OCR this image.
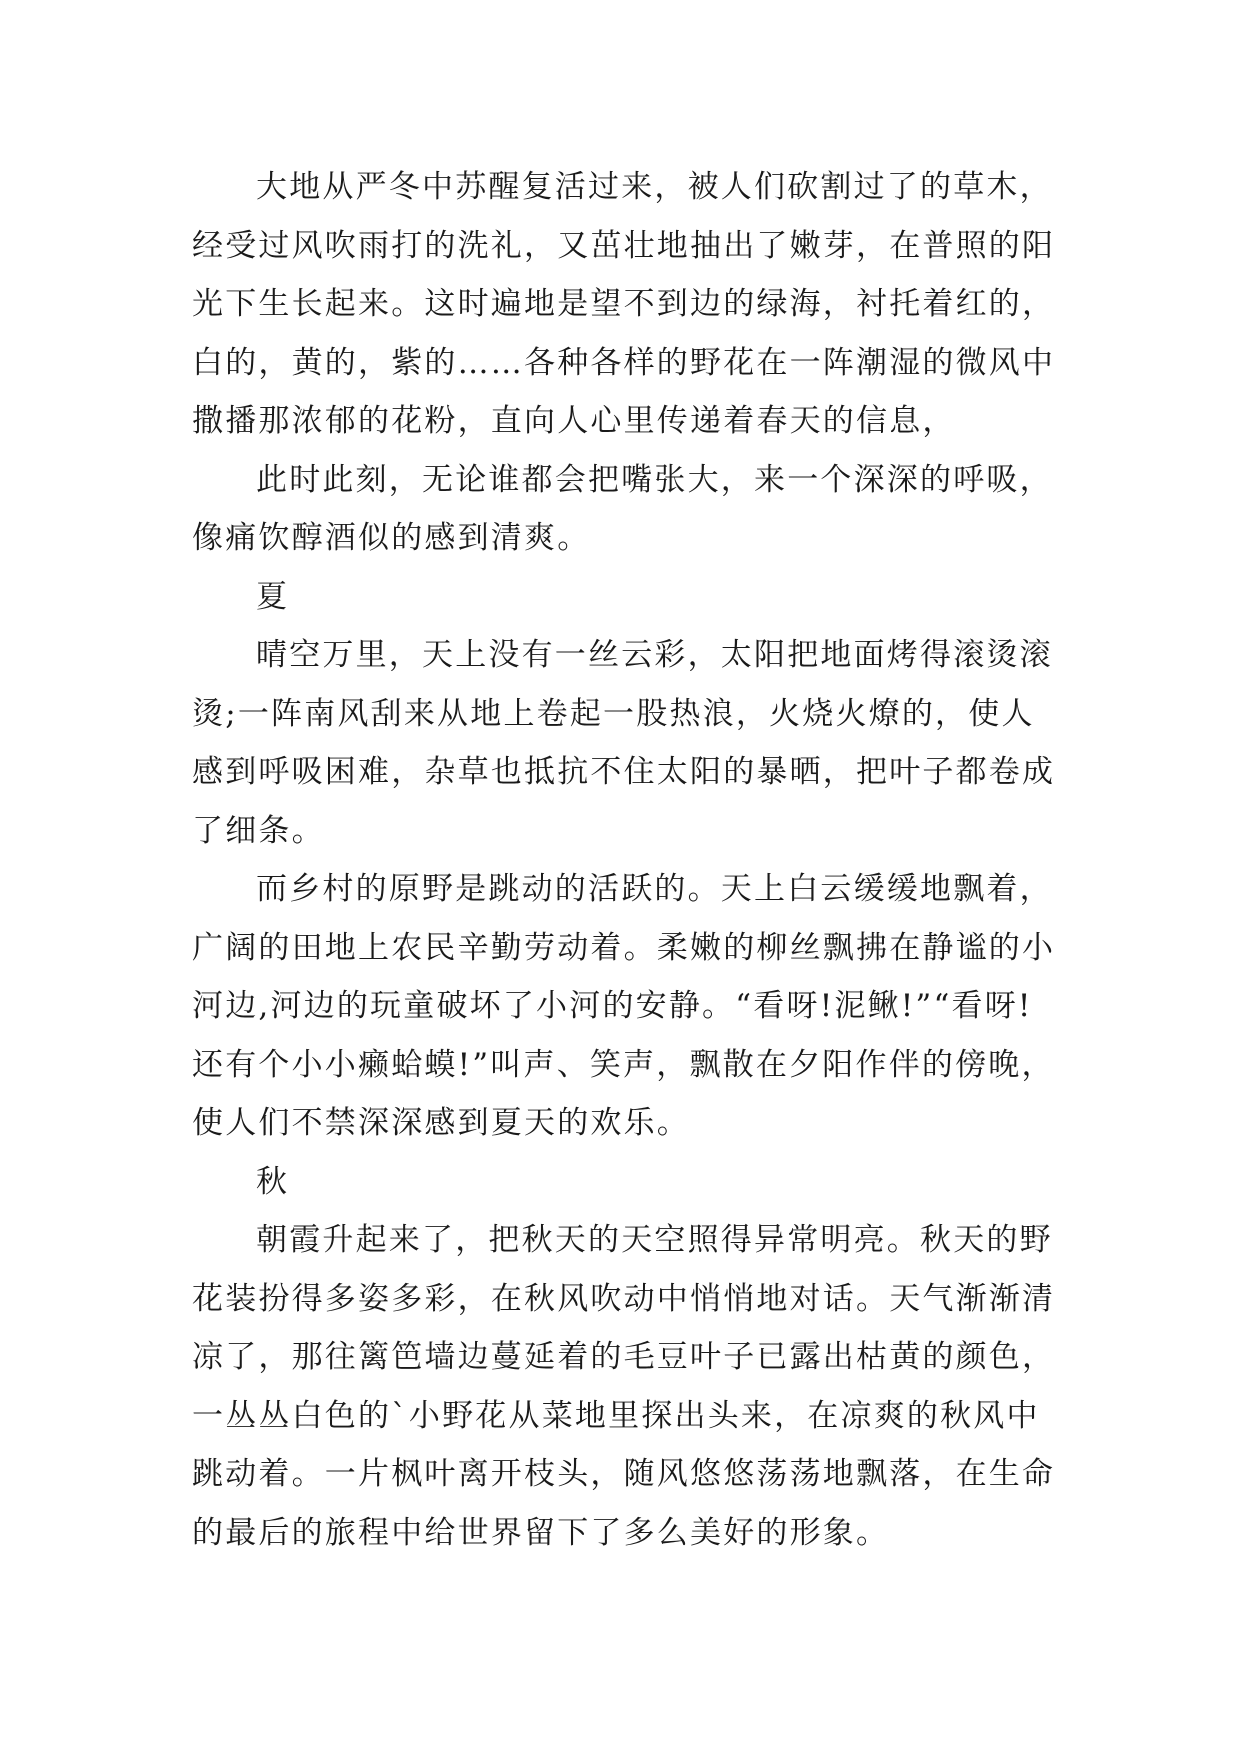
大地从严冬中苏醒复活过来，被人们砍割过了的草木，
经受过风吹雨打的洗礼，又茁壮地抽出了嫩芽，在普照的阳
光下生长起来。这时遍地是望不到边的绿海，衬托着红的，
白的，黄的，紫的……各种各样的野花在一阵潮湿的微风中
撒播那浓郁的花粉，直向人心里传递着春天的信息，
此时此刻，无论谁都会把嘴张大，来一个深深的呼吸，
像痛饮醇酒似的感到清爽。
夏
晴空万里，天上没有一丝云彩，太阳把地面烤得滚烫滚
烫;一阵南风刮来从地上卷起一股热浪，火烧火燎的，使人
感到呼吸困难，杂草也抵抗不住太阳的暴晒，把叶子都卷成
了细条。
而乡村的原野是跳动的活跃的。天上白云缓缓地飘着，
广阔的田地上农民辛勤劳动着。柔嫩的柳丝飘拂在静谧的小
河边,河边的玩童破坏了小河的安静。“看呀!泥鳅!”“看呀!
还有个小小癞蛤蟆!”叫声、笑声，飘散在夕阳作伴的傍晚，
使人们不禁深深感到夏天的欢乐。
秋
朝霞升起来了，把秋天的天空照得异常明亮。秋天的野
花装扮得多姿多彩，在秋风吹动中悄悄地对话。天气渐渐清
凉了，那往篱笆墙边蔓延着的毛豆叶子已露出枯黄的颜色，
一丛丛白色的`小野花从菜地里探出头来，在凉爽的秋风中
跳动着。一片枫叶离开枝头，随风悠悠荡荡地飘落，在生命
的最后的旅程中给世界留下了多么美好的形象。
